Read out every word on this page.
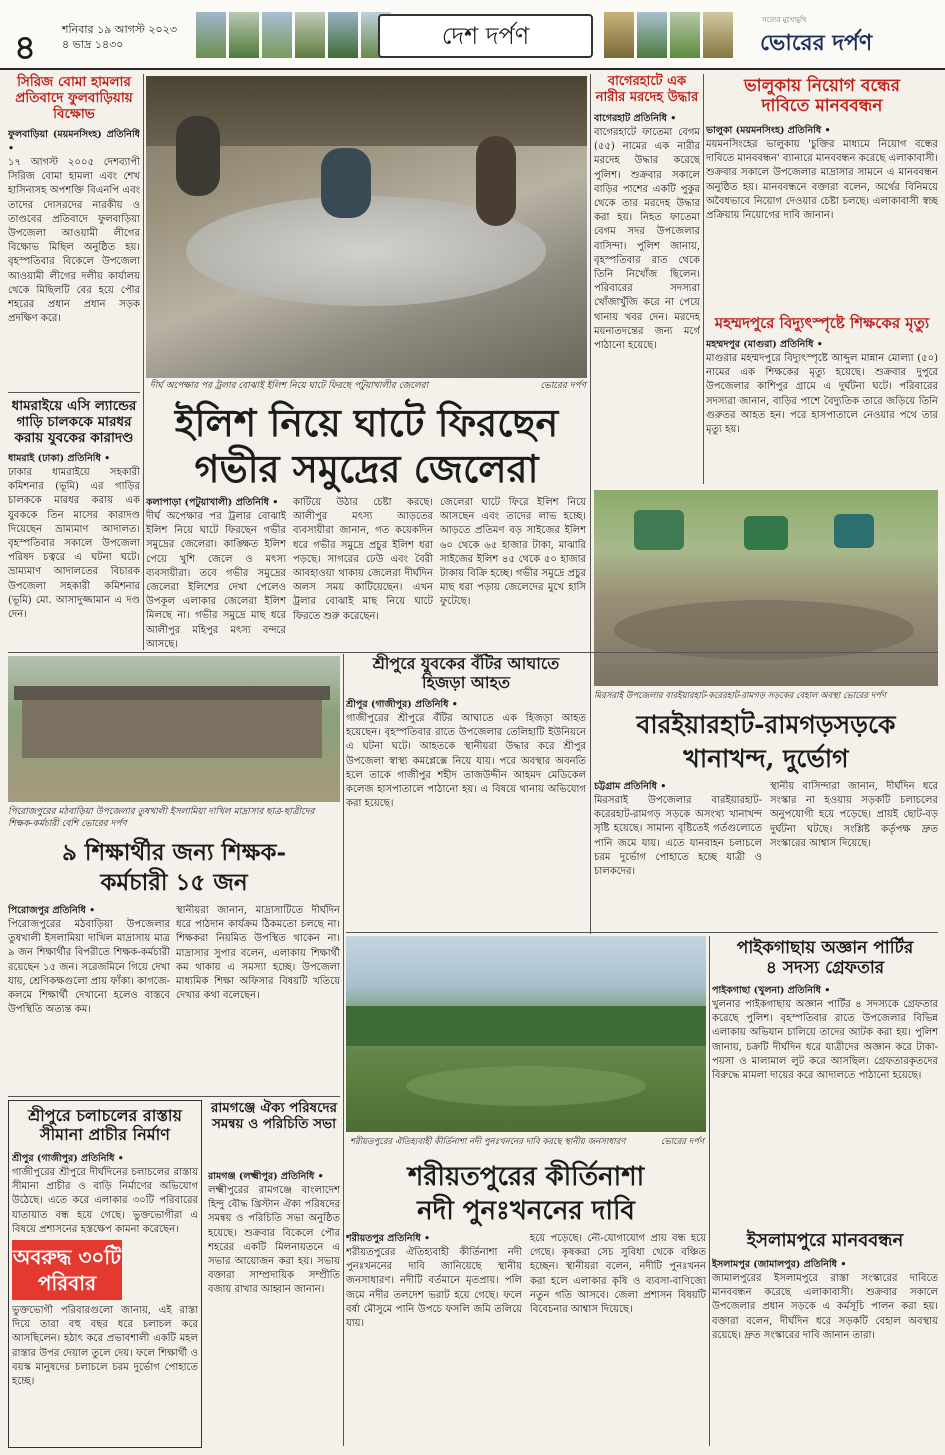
৪ শনিবার ১৯ আগস্ট ২০২৩
৪ ভাদ্র ১৪৩০	দেশ দর্পণ
সত্যের মুখোমুখি
ভোরের দর্পণ
সিরিজ বোমা হামলার প্রতিবাদে ফুলবাড়িয়ায় বিক্ষোভ
ফুলবাড়িয়া (ময়মনসিংহ) প্রতিনিধি •
১৭ আগস্ট ২০০৫ দেশব্যাপী সিরিজ বোমা হামলা এবং শেখ হাসিনাসহ অপশক্তি বিএনপি এবং তাদের দোসরদের নারকীয় ও তাণ্ডবের প্রতিবাদে ফুলবাড়িয়া উপজেলা আওয়ামী লীগের বিক্ষোভ মিছিল অনুষ্ঠিত হয়। বৃহস্পতিবার বিকেলে উপজেলা আওয়ামী লীগের দলীয় কার্যালয় থেকে মিছিলটি বের হয়ে পৌর শহরের প্রধান প্রধান সড়ক প্রদক্ষিণ করে।
ধামরাইয়ে এসি ল্যান্ডের গাড়ি চালককে মারধর করায় যুবকের কারাদণ্ড
ধামরাই (ঢাকা) প্রতিনিধি •
ঢাকার ধামরাইয়ে সহকারী কমিশনার (ভূমি) এর গাড়ির চালককে মারধর করায় এক যুবককে তিন মাসের কারাদণ্ড দিয়েছেন ভ্রাম্যমাণ আদালত। বৃহস্পতিবার সকালে উপজেলা পরিষদ চত্বরে এ ঘটনা ঘটে। ভ্রাম্যমাণ আদালতের বিচারক উপজেলা সহকারী কমিশনার (ভূমি) মো. আসাদুজ্জামান এ দণ্ড দেন।
দীর্ঘ অপেক্ষার পর ট্রলার বোঝাই ইলিশ নিয়ে ঘাটে ফিরছে পটুয়াখালীর জেলেরা	ভোরের দর্পণ
ইলিশ নিয়ে ঘাটে ফিরছেন
গভীর সমুদ্রের জেলেরা
কলাপাড়া (পটুয়াখালী) প্রতিনিধি •
দীর্ঘ অপেক্ষার পর ট্রলার বোঝাই ইলিশ নিয়ে ঘাটে ফিরছেন গভীর সমুদ্রের জেলেরা। কাঙ্ক্ষিত ইলিশ পেয়ে খুশি জেলে ও মৎস্য ব্যবসায়ীরা। তবে গভীর সমুদ্রের জেলেরা ইলিশের দেখা পেলেও উপকূল এলাকার জেলেরা ইলিশ মিলছে না। গভীর সমুদ্রে মাছ ধরে আলীপুর মহিপুর মৎস্য বন্দরে আসছে।
কাটিয়ে উঠার চেষ্টা করছে। আলীপুর মৎস্য আড়তের ব্যবসায়ীরা জানান, গত কয়েকদিন ধরে গভীর সমুদ্রে প্রচুর ইলিশ ধরা পড়ছে। সাগরের ঢেউ এবং বৈরী আবহাওয়া থাকায় জেলেরা দীর্ঘদিন অলস সময় কাটিয়েছেন। এখন ট্রলার বোঝাই মাছ নিয়ে ঘাটে ফিরতে শুরু করেছেন।
জেলেরা ঘাটে ফিরে ইলিশ নিয়ে আসছেন এবং তাদের লাভ হচ্ছে। আড়তে প্রতিমণ বড় সাইজের ইলিশ ৬০ থেকে ৬৫ হাজার টাকা, মাঝারি সাইজের ইলিশ ৪৫ থেকে ৫০ হাজার টাকায় বিক্রি হচ্ছে। গভীর সমুদ্রে প্রচুর মাছ ধরা পড়ায় জেলেদের মুখে হাসি ফুটেছে।
বাগেরহাটে এক নারীর মরদেহ উদ্ধার
বাগেরহাট প্রতিনিধি •
বাগেরহাটে ফাতেমা বেগম (৫৫) নামের এক নারীর মরদেহ উদ্ধার করেছে পুলিশ। শুক্রবার সকালে বাড়ির পাশের একটি পুকুর থেকে তার মরদেহ উদ্ধার করা হয়। নিহত ফাতেমা বেগম সদর উপজেলার বাসিন্দা। পুলিশ জানায়, বৃহস্পতিবার রাত থেকে তিনি নিখোঁজ ছিলেন। পরিবারের সদস্যরা খোঁজাখুঁজি করে না পেয়ে থানায় খবর দেন। মরদেহ ময়নাতদন্তের জন্য মর্গে পাঠানো হয়েছে।
ভালুকায় নিয়োগ বন্ধের
দাবিতে মানববন্ধন
ভালুকা (ময়মনসিংহ) প্রতিনিধি •
ময়মনসিংহের ভালুকায় 'চুক্তির মাধ্যমে নিয়োগ বন্ধের দাবিতে মানববন্ধন' ব্যানারে মানববন্ধন করেছে এলাকাবাসী। শুক্রবার সকালে উপজেলার মাদ্রাসার সামনে এ মানববন্ধন অনুষ্ঠিত হয়। মানববন্ধনে বক্তারা বলেন, অর্থের বিনিময়ে অবৈধভাবে নিয়োগ দেওয়ার চেষ্টা চলছে। এলাকাবাসী স্বচ্ছ প্রক্রিয়ায় নিয়োগের দাবি জানান।
মহম্মদপুরে বিদ্যুৎস্পৃষ্টে শিক্ষকের মৃত্যু
মহম্মদপুর (মাগুরা) প্রতিনিধি •
মাগুরার মহম্মদপুরে বিদ্যুৎস্পৃষ্টে আব্দুল মান্নান মোল্যা (৫০) নামের এক শিক্ষকের মৃত্যু হয়েছে। শুক্রবার দুপুরে উপজেলার কাশিপুর গ্রামে এ দুর্ঘটনা ঘটে। পরিবারের সদস্যরা জানান, বাড়ির পাশে বৈদ্যুতিক তারে জড়িয়ে তিনি গুরুতর আহত হন। পরে হাসপাতালে নেওয়ার পথে তার মৃত্যু হয়।
মিরসরাই উপজেলার বারইয়ারহাট-করেরহাট-রামগড় সড়কের বেহাল অবস্থা ভোরের দর্পণ
পিরোজপুরের মঠবাড়িয়া উপজেলার তুষখালী ইসলামিয়া দাখিল মাদ্রাসার ছাত্র-ছাত্রীদের শিক্ষক-কর্মচারী বেশি ভোরের দর্পণ
শ্রীপুরে যুবকের বঁটির আঘাতে
হিজড়া আহত
শ্রীপুর (গাজীপুর) প্রতিনিধি •
গাজীপুরের শ্রীপুরে বঁটির আঘাতে এক হিজড়া আহত হয়েছেন। বৃহস্পতিবার রাতে উপজেলার তেলিহাটি ইউনিয়নে এ ঘটনা ঘটে। আহতকে স্থানীয়রা উদ্ধার করে শ্রীপুর উপজেলা স্বাস্থ্য কমপ্লেক্সে নিয়ে যায়। পরে অবস্থার অবনতি হলে তাকে গাজীপুর শহীদ তাজউদ্দীন আহমদ মেডিকেল কলেজ হাসপাতালে পাঠানো হয়। এ বিষয়ে থানায় অভিযোগ করা হয়েছে।
৯ শিক্ষার্থীর জন্য শিক্ষক-
কর্মচারী ১৫ জন
পিরোজপুর প্রতিনিধি •
পিরোজপুরের মঠবাড়িয়া উপজেলার তুষখালী ইসলামিয়া দাখিল মাদ্রাসায় মাত্র ৯ জন শিক্ষার্থীর বিপরীতে শিক্ষক-কর্মচারী রয়েছেন ১৫ জন। সরেজমিনে গিয়ে দেখা যায়, শ্রেণিকক্ষগুলো প্রায় ফাঁকা। কাগজে-কলমে শিক্ষার্থী দেখানো হলেও বাস্তবে উপস্থিতি অত্যন্ত কম।
স্থানীয়রা জানান, মাদ্রাসাটিতে দীর্ঘদিন ধরে পাঠদান কার্যক্রম ঠিকমতো চলছে না। শিক্ষকরা নিয়মিত উপস্থিত থাকেন না। মাদ্রাসার সুপার বলেন, এলাকায় শিক্ষার্থী কম থাকায় এ সমস্যা হচ্ছে। উপজেলা মাধ্যমিক শিক্ষা অফিসার বিষয়টি খতিয়ে দেখার কথা বলেছেন।
বারইয়ারহাট-রামগড়সড়কে
খানাখন্দ, দুর্ভোগ
চট্টগ্রাম প্রতিনিধি •
মিরসরাই উপজেলার বারইয়ারহাট-করেরহাট-রামগড় সড়কে অসংখ্য খানাখন্দ সৃষ্টি হয়েছে। সামান্য বৃষ্টিতেই গর্তগুলোতে পানি জমে যায়। এতে যানবাহন চলাচলে চরম দুর্ভোগ পোহাতে হচ্ছে যাত্রী ও চালকদের।
স্থানীয় বাসিন্দারা জানান, দীর্ঘদিন ধরে সংস্কার না হওয়ায় সড়কটি চলাচলের অনুপযোগী হয়ে পড়েছে। প্রায়ই ছোট-বড় দুর্ঘটনা ঘটছে। সংশ্লিষ্ট কর্তৃপক্ষ দ্রুত সংস্কারের আশ্বাস দিয়েছে।
শ্রীপুরে চলাচলের রাস্তায় সীমানা প্রাচীর নির্মাণ
শ্রীপুর (গাজীপুর) প্রতিনিধি •
গাজীপুরের শ্রীপুরে দীর্ঘদিনের চলাচলের রাস্তায় সীমানা প্রাচীর ও বাড়ি নির্মাণের অভিযোগ উঠেছে। এতে করে এলাকার ৩০টি পরিবারের যাতায়াত বন্ধ হয়ে গেছে। ভুক্তভোগীরা এ বিষয়ে প্রশাসনের হস্তক্ষেপ কামনা করেছেন।
অবরুদ্ধ ৩০টি
পরিবার
ভুক্তভোগী পরিবারগুলো জানায়, এই রাস্তা দিয়ে তারা বহু বছর ধরে চলাচল করে আসছিলেন। হঠাৎ করে প্রভাবশালী একটি মহল রাস্তার উপর দেয়াল তুলে দেয়। ফলে শিক্ষার্থী ও বয়স্ক মানুষদের চলাচলে চরম দুর্ভোগ পোহাতে হচ্ছে।
রামগঞ্জে ঐক্য পরিষদের সমন্বয় ও পরিচিতি সভা
রামগঞ্জ (লক্ষ্মীপুর) প্রতিনিধি •
লক্ষ্মীপুরের রামগঞ্জে বাংলাদেশ হিন্দু বৌদ্ধ খ্রিস্টান ঐক্য পরিষদের সমন্বয় ও পরিচিতি সভা অনুষ্ঠিত হয়েছে। শুক্রবার বিকেলে পৌর শহরের একটি মিলনায়তনে এ সভার আয়োজন করা হয়। সভায় বক্তারা সাম্প্রদায়িক সম্প্রীতি বজায় রাখার আহ্বান জানান।
শরীয়তপুরের ঐতিহ্যবাহী কীর্তিনাশা নদী পুনঃখননের দাবি করছে স্থানীয় জনসাধারণ	ভোরের দর্পণ
শরীয়তপুরের কীর্তিনাশা
নদী পুনঃখননের দাবি
শরীয়তপুর প্রতিনিধি •
শরীয়তপুরের ঐতিহ্যবাহী কীর্তিনাশা নদী পুনঃখননের দাবি জানিয়েছে স্থানীয় জনসাধারণ। নদীটি বর্তমানে মৃতপ্রায়। পলি জমে নদীর তলদেশ ভরাট হয়ে গেছে। ফলে বর্ষা মৌসুমে পানি উপচে ফসলি জমি তলিয়ে যায়।
হয়ে পড়েছে। নৌ-যোগাযোগ প্রায় বন্ধ হয়ে গেছে। কৃষকরা সেচ সুবিধা থেকে বঞ্চিত হচ্ছেন। স্থানীয়রা বলেন, নদীটি পুনঃখনন করা হলে এলাকার কৃষি ও ব্যবসা-বাণিজ্যে নতুন গতি আসবে। জেলা প্রশাসন বিষয়টি বিবেচনার আশ্বাস দিয়েছে।
পাইকগাছায় অজ্ঞান পার্টির
৪ সদস্য গ্রেফতার
পাইকগাছা (খুলনা) প্রতিনিধি •
খুলনার পাইকগাছায় অজ্ঞান পার্টির ৪ সদস্যকে গ্রেফতার করেছে পুলিশ। বৃহস্পতিবার রাতে উপজেলার বিভিন্ন এলাকায় অভিযান চালিয়ে তাদের আটক করা হয়। পুলিশ জানায়, চক্রটি দীর্ঘদিন ধরে যাত্রীদের অজ্ঞান করে টাকা-পয়সা ও মালামাল লুট করে আসছিল। গ্রেফতারকৃতদের বিরুদ্ধে মামলা দায়ের করে আদালতে পাঠানো হয়েছে।
ইসলামপুরে মানববন্ধন
ইসলামপুর (জামালপুর) প্রতিনিধি •
জামালপুরের ইসলামপুরে রাস্তা সংস্কারের দাবিতে মানববন্ধন করেছে এলাকাবাসী। শুক্রবার সকালে উপজেলার প্রধান সড়কে এ কর্মসূচি পালন করা হয়। বক্তারা বলেন, দীর্ঘদিন ধরে সড়কটি বেহাল অবস্থায় রয়েছে। দ্রুত সংস্কারের দাবি জানান তারা।
